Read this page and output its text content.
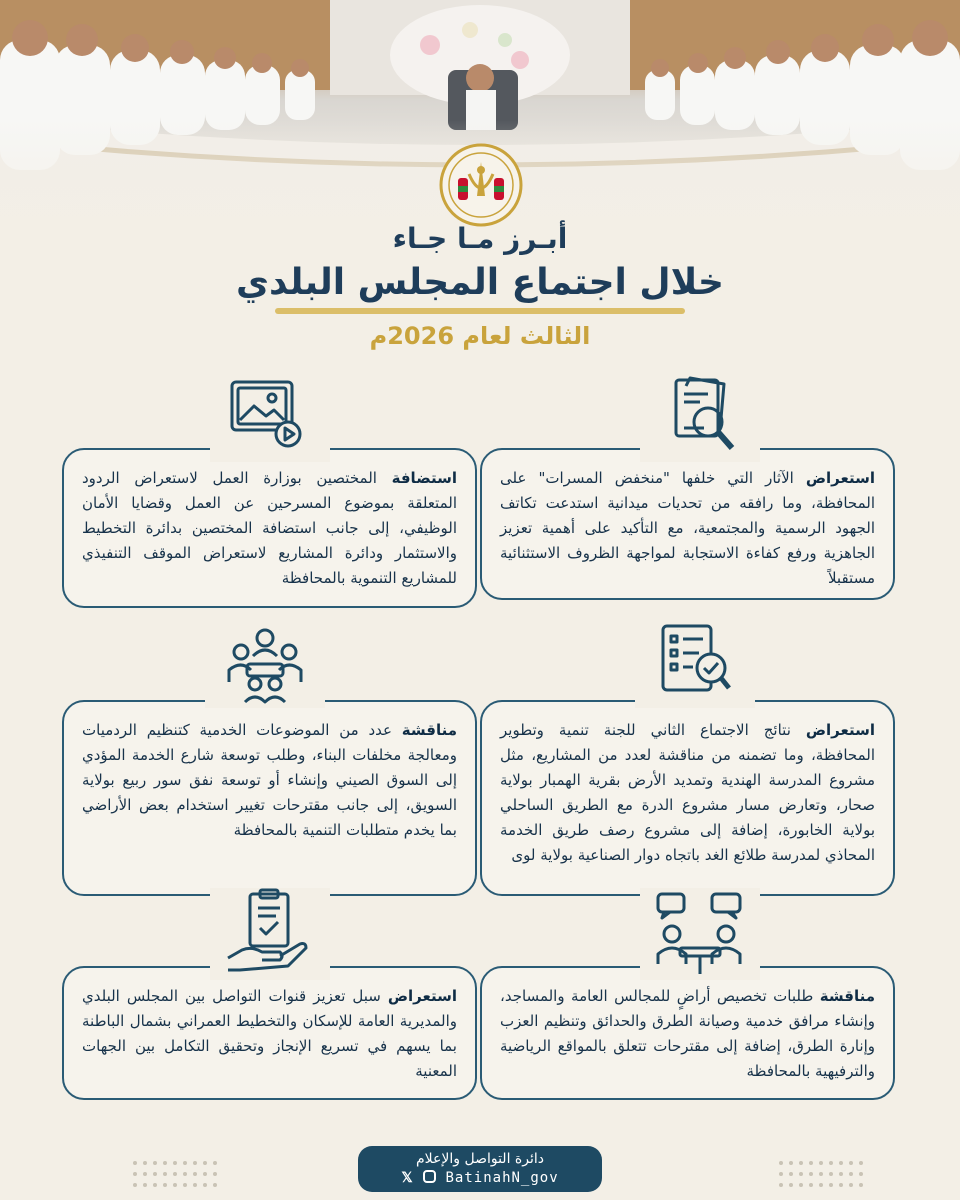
أبـرز مـا جـاء
خلال اجتماع المجلس البلدي
الثالث لعام 2026م
استعراض الآثار التي خلفها "منخفض المسرات" على المحافظة، وما رافقه من تحديات ميدانية استدعت تكاتف الجهود الرسمية والمجتمعية، مع التأكيد على أهمية تعزيز الجاهزية ورفع كفاءة الاستجابة لمواجهة الظروف الاستثنائية مستقبلاً
استضافة المختصين بوزارة العمل لاستعراض الردود المتعلقة بموضوع المسرحين عن العمل وقضايا الأمان الوظيفي، إلى جانب استضافة المختصين بدائرة التخطيط والاستثمار ودائرة المشاريع لاستعراض الموقف التنفيذي للمشاريع التنموية بالمحافظة
استعراض نتائج الاجتماع الثاني للجنة تنمية وتطوير المحافظة، وما تضمنه من مناقشة لعدد من المشاريع، مثل مشروع المدرسة الهندية وتمديد الأرض بقرية الهمبار بولاية صحار، وتعارض مسار مشروع الدرة مع الطريق الساحلي بولاية الخابورة، إضافة إلى مشروع رصف طريق الخدمة المحاذي لمدرسة طلائع الغد باتجاه دوار الصناعية بولاية لوى
مناقشة عدد من الموضوعات الخدمية كتنظيم الردميات ومعالجة مخلفات البناء، وطلب توسعة شارع الخدمة المؤدي إلى السوق الصيني وإنشاء أو توسعة نفق سور ربيع بولاية السويق، إلى جانب مقترحات تغيير استخدام بعض الأراضي بما يخدم متطلبات التنمية بالمحافظة
مناقشة طلبات تخصيص أراضٍ للمجالس العامة والمساجد، وإنشاء مرافق خدمية وصيانة الطرق والحدائق وتنظيم العزب وإنارة الطرق، إضافة إلى مقترحات تتعلق بالمواقع الرياضية والترفيهية بالمحافظة
استعراض سبل تعزيز قنوات التواصل بين المجلس البلدي والمديرية العامة للإسكان والتخطيط العمراني بشمال الباطنة بما يسهم في تسريع الإنجاز وتحقيق التكامل بين الجهات المعنية
دائرة التواصل والإعلام
𝕏 BatinahN_gov
